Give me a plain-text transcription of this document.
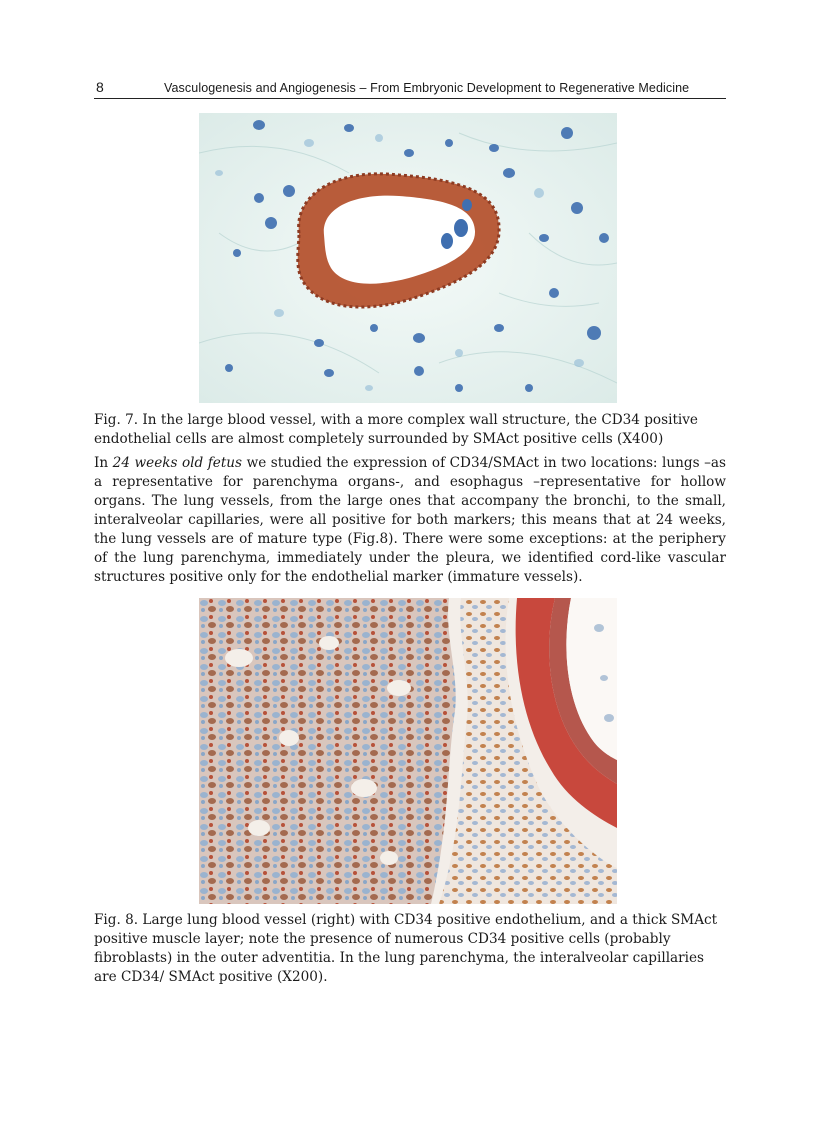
8	Vasculogenesis and Angiogenesis – From Embryonic Development to Regenerative Medicine

Fig. 7. In the large blood vessel, with a more complex wall structure, the CD34 positive endothelial cells are almost completely surrounded by SMAct positive cells (X400)

In 24 weeks old fetus we studied the expression of CD34/SMAct in two locations: lungs –as a representative for parenchyma organs-, and esophagus –representative for hollow organs. The lung vessels, from the large ones that accompany the bronchi, to the small, interalveolar capillaries, were all positive for both markers; this means that at 24 weeks, the lung vessels are of mature type (Fig.8). There were some exceptions: at the periphery of the lung parenchyma, immediately under the pleura, we identified cord-like vascular structures positive only for the endothelial marker (immature vessels).

Fig. 8. Large lung blood vessel (right) with CD34 positive endothelium, and a thick SMAct positive muscle layer; note the presence of numerous CD34 positive cells (probably fibroblasts) in the outer adventitia. In the lung parenchyma, the interalveolar capillaries are CD34/ SMAct positive (X200).
